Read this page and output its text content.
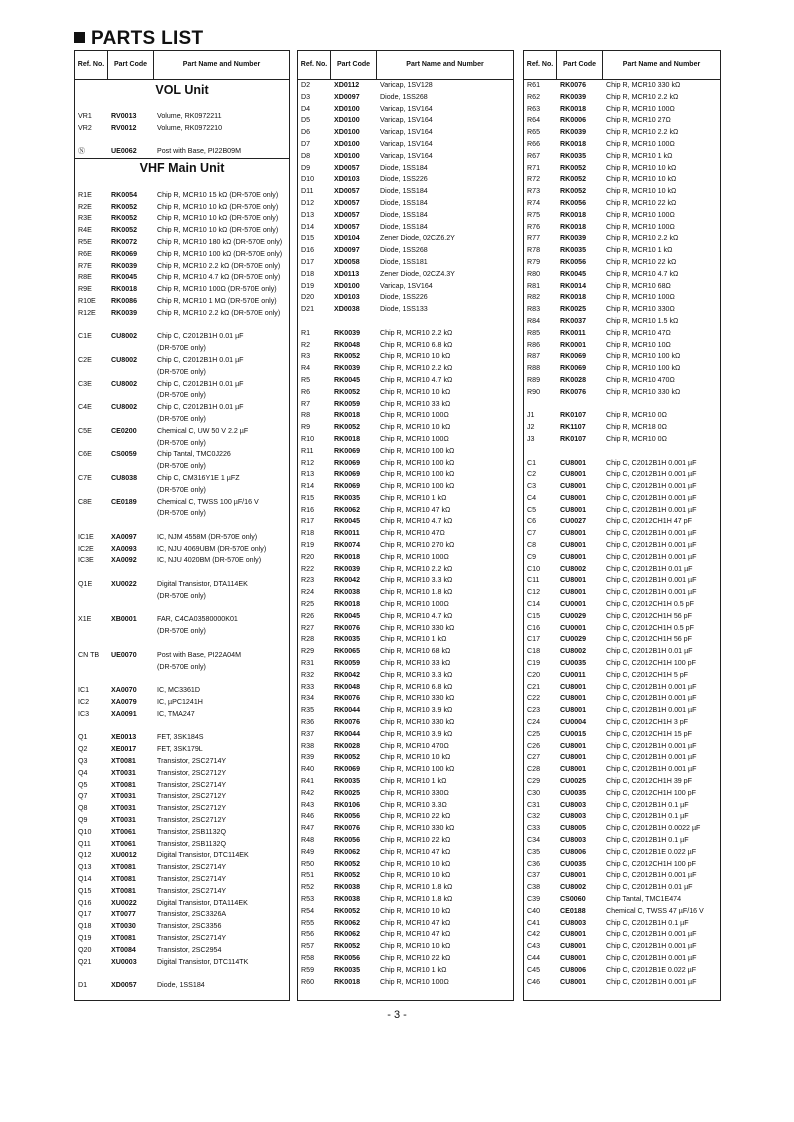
PARTS LIST
Ref. No.	Part Code	Part Name and Number
VOL Unit
VR1	RV0013	Volume, RK0972211
VR2	RV0012	Volume, RK0972210
Ⓝ	UE0062	Post with Base, PI22B09M
VHF Main Unit
R1E	RK0054	Chip R, MCR10 15 kΩ (DR-570E only)
R2E	RK0052	Chip R, MCR10 10 kΩ (DR-570E only)
R3E	RK0052	Chip R, MCR10 10 kΩ (DR-570E only)
R4E	RK0052	Chip R, MCR10 10 kΩ (DR-570E only)
R5E	RK0072	Chip R, MCR10 180 kΩ (DR-570E only)
R6E	RK0069	Chip R, MCR10 100 kΩ (DR-570E only)
R7E	RK0039	Chip R, MCR10 2.2 kΩ (DR-570E only)
R8E	RK0045	Chip R, MCR10 4.7 kΩ (DR-570E only)
R9E	RK0018	Chip R, MCR10 100Ω (DR-570E only)
R10E	RK0086	Chip R, MCR10 1 MΩ (DR-570E only)
R12E	RK0039	Chip R, MCR10 2.2 kΩ (DR-570E only)
C1E	CU8002	Chip C, C2012B1H 0.01 µF
(DR-570E only)
C2E	CU8002	Chip C, C2012B1H 0.01 µF
(DR-570E only)
C3E	CU8002	Chip C, C2012B1H 0.01 µF
(DR-570E only)
C4E	CU8002	Chip C, C2012B1H 0.01 µF
(DR-570E only)
C5E	CE0200	Chemical C, UW 50 V 2.2 µF
(DR-570E only)
C6E	CS0059	Chip Tantal, TMC0J226
(DR-570E only)
C7E	CU8038	Chip C, CM316Y1E 1 µFZ
(DR-570E only)
C8E	CE0189	Chemical C, TWSS 100 µF/16 V
(DR-570E only)
IC1E	XA0097	IC, NJM 4558M (DR-570E only)
IC2E	XA0093	IC, NJU 4069UBM (DR-570E only)
IC3E	XA0092	IC, NJU 4020BM (DR-570E only)
Q1E	XU0022	Digital Transistor, DTA114EK
(DR-570E only)
X1E	XB0001	FAR, C4CA03580000K01
(DR-570E only)
CN TB	UE0070	Post with Base, PI22A04M
(DR-570E only)
IC1	XA0070	IC, MC3361D
IC2	XA0079	IC, µPC1241H
IC3	XA0091	IC, TMA247
Q1	XE0013	FET, 3SK184S
Q2	XE0017	FET, 3SK179L
Q3	XT0081	Transistor, 2SC2714Y
Q4	XT0031	Transistor, 2SC2712Y
Q5	XT0081	Transistor, 2SC2714Y
Q7	XT0031	Transistor, 2SC2712Y
Q8	XT0031	Transistor, 2SC2712Y
Q9	XT0031	Transistor, 2SC2712Y
Q10	XT0061	Transistor, 2SB1132Q
Q11	XT0061	Transistor, 2SB1132Q
Q12	XU0012	Digital Transistor, DTC114EK
Q13	XT0081	Transistor, 2SC2714Y
Q14	XT0081	Transistor, 2SC2714Y
Q15	XT0081	Transistor, 2SC2714Y
Q16	XU0022	Digital Transistor, DTA114EK
Q17	XT0077	Transistor, 2SC3326A
Q18	XT0030	Transistor, 2SC3356
Q19	XT0081	Transistor, 2SC2714Y
Q20	XT0084	Transistor, 2SC2954
Q21	XU0003	Digital Transistor, DTC114TK
D1	XD0057	Diode, 1SS184
Ref. No.	Part Code	Part Name and Number
D2	XD0112	Varicap, 1SV128
D3	XD0097	Diode, 1SS268
D4	XD0100	Varicap, 1SV164
D5	XD0100	Varicap, 1SV164
D6	XD0100	Varicap, 1SV164
D7	XD0100	Varicap, 1SV164
D8	XD0100	Varicap, 1SV164
D9	XD0057	Diode, 1SS184
D10	XD0103	Diode, 1SS226
D11	XD0057	Diode, 1SS184
D12	XD0057	Diode, 1SS184
D13	XD0057	Diode, 1SS184
D14	XD0057	Diode, 1SS184
D15	XD0104	Zener Diode, 02CZ6.2Y
D16	XD0097	Diode, 1SS268
D17	XD0058	Diode, 1SS181
D18	XD0113	Zener Diode, 02CZ4.3Y
D19	XD0100	Varicap, 1SV164
D20	XD0103	Diode, 1SS226
D21	XD0038	Diode, 1SS133
R1	RK0039	Chip R, MCR10 2.2 kΩ
R2	RK0048	Chip R, MCR10 6.8 kΩ
R3	RK0052	Chip R, MCR10 10 kΩ
R4	RK0039	Chip R, MCR10 2.2 kΩ
R5	RK0045	Chip R, MCR10 4.7 kΩ
R6	RK0052	Chip R, MCR10 10 kΩ
R7	RK0059	Chip R, MCR10 33 kΩ
R8	RK0018	Chip R, MCR10 100Ω
R9	RK0052	Chip R, MCR10 10 kΩ
R10	RK0018	Chip R, MCR10 100Ω
R11	RK0069	Chip R, MCR10 100 kΩ
R12	RK0069	Chip R, MCR10 100 kΩ
R13	RK0069	Chip R, MCR10 100 kΩ
R14	RK0069	Chip R, MCR10 100 kΩ
R15	RK0035	Chip R, MCR10 1 kΩ
R16	RK0062	Chip R, MCR10 47 kΩ
R17	RK0045	Chip R, MCR10 4.7 kΩ
R18	RK0011	Chip R, MCR10 47Ω
R19	RK0074	Chip R, MCR10 270 kΩ
R20	RK0018	Chip R, MCR10 100Ω
R22	RK0039	Chip R, MCR10 2.2 kΩ
R23	RK0042	Chip R, MCR10 3.3 kΩ
R24	RK0038	Chip R, MCR10 1.8 kΩ
R25	RK0018	Chip R, MCR10 100Ω
R26	RK0045	Chip R, MCR10 4.7 kΩ
R27	RK0076	Chip R, MCR10 330 kΩ
R28	RK0035	Chip R, MCR10 1 kΩ
R29	RK0065	Chip R, MCR10 68 kΩ
R31	RK0059	Chip R, MCR10 33 kΩ
R32	RK0042	Chip R, MCR10 3.3 kΩ
R33	RK0048	Chip R, MCR10 6.8 kΩ
R34	RK0076	Chip R, MCR10 330 kΩ
R35	RK0044	Chip R, MCR10 3.9 kΩ
R36	RK0076	Chip R, MCR10 330 kΩ
R37	RK0044	Chip R, MCR10 3.9 kΩ
R38	RK0028	Chip R, MCR10 470Ω
R39	RK0052	Chip R, MCR10 10 kΩ
R40	RK0069	Chip R, MCR10 100 kΩ
R41	RK0035	Chip R, MCR10 1 kΩ
R42	RK0025	Chip R, MCR10 330Ω
R43	RK0106	Chip R, MCR10 3.3Ω
R46	RK0056	Chip R, MCR10 22 kΩ
R47	RK0076	Chip R, MCR10 330 kΩ
R48	RK0056	Chip R, MCR10 22 kΩ
R49	RK0062	Chip R, MCR10 47 kΩ
R50	RK0052	Chip R, MCR10 10 kΩ
R51	RK0052	Chip R, MCR10 10 kΩ
R52	RK0038	Chip R, MCR10 1.8 kΩ
R53	RK0038	Chip R, MCR10 1.8 kΩ
R54	RK0052	Chip R, MCR10 10 kΩ
R55	RK0062	Chip R, MCR10 47 kΩ
R56	RK0062	Chip R, MCR10 47 kΩ
R57	RK0052	Chip R, MCR10 10 kΩ
R58	RK0056	Chip R, MCR10 22 kΩ
R59	RK0035	Chip R, MCR10 1 kΩ
R60	RK0018	Chip R, MCR10 100Ω
Ref. No.	Part Code	Part Name and Number
R61	RK0076	Chip R, MCR10 330 kΩ
R62	RK0039	Chip R, MCR10 2.2 kΩ
R63	RK0018	Chip R, MCR10 100Ω
R64	RK0006	Chip R, MCR10 27Ω
R65	RK0039	Chip R, MCR10 2.2 kΩ
R66	RK0018	Chip R, MCR10 100Ω
R67	RK0035	Chip R, MCR10 1 kΩ
R71	RK0052	Chip R, MCR10 10 kΩ
R72	RK0052	Chip R, MCR10 10 kΩ
R73	RK0052	Chip R, MCR10 10 kΩ
R74	RK0056	Chip R, MCR10 22 kΩ
R75	RK0018	Chip R, MCR10 100Ω
R76	RK0018	Chip R, MCR10 100Ω
R77	RK0039	Chip R, MCR10 2.2 kΩ
R78	RK0035	Chip R, MCR10 1 kΩ
R79	RK0056	Chip R, MCR10 22 kΩ
R80	RK0045	Chip R, MCR10 4.7 kΩ
R81	RK0014	Chip R, MCR10 68Ω
R82	RK0018	Chip R, MCR10 100Ω
R83	RK0025	Chip R, MCR10 330Ω
R84	RK0037	Chip R, MCR10 1.5 kΩ
R85	RK0011	Chip R, MCR10 47Ω
R86	RK0001	Chip R, MCR10 10Ω
R87	RK0069	Chip R, MCR10 100 kΩ
R88	RK0069	Chip R, MCR10 100 kΩ
R89	RK0028	Chip R, MCR10 470Ω
R90	RK0076	Chip R, MCR10 330 kΩ
J1	RK0107	Chip R, MCR10 0Ω
J2	RK1107	Chip R, MCR18 0Ω
J3	RK0107	Chip R, MCR10 0Ω
C1	CU8001	Chip C, C2012B1H 0.001 µF
C2	CU8001	Chip C, C2012B1H 0.001 µF
C3	CU8001	Chip C, C2012B1H 0.001 µF
C4	CU8001	Chip C, C2012B1H 0.001 µF
C5	CU8001	Chip C, C2012B1H 0.001 µF
C6	CU0027	Chip C, C2012CH1H 47 pF
C7	CU8001	Chip C, C2012B1H 0.001 µF
C8	CU8001	Chip C, C2012B1H 0.001 µF
C9	CU8001	Chip C, C2012B1H 0.001 µF
C10	CU8002	Chip C, C2012B1H 0.01 µF
C11	CU8001	Chip C, C2012B1H 0.001 µF
C12	CU8001	Chip C, C2012B1H 0.001 µF
C14	CU0001	Chip C, C2012CH1H 0.5 pF
C15	CU0029	Chip C, C2012CH1H 56 pF
C16	CU0001	Chip C, C2012CH1H 0.5 pF
C17	CU0029	Chip C, C2012CH1H 56 pF
C18	CU8002	Chip C, C2012B1H 0.01 µF
C19	CU0035	Chip C, C2012CH1H 100 pF
C20	CU0011	Chip C, C2012CH1H 5 pF
C21	CU8001	Chip C, C2012B1H 0.001 µF
C22	CU8001	Chip C, C2012B1H 0.001 µF
C23	CU8001	Chip C, C2012B1H 0.001 µF
C24	CU0004	Chip C, C2012CH1H 3 pF
C25	CU0015	Chip C, C2012CH1H 15 pF
C26	CU8001	Chip C, C2012B1H 0.001 µF
C27	CU8001	Chip C, C2012B1H 0.001 µF
C28	CU8001	Chip C, C2012B1H 0.001 µF
C29	CU0025	Chip C, C2012CH1H 39 pF
C30	CU0035	Chip C, C2012CH1H 100 pF
C31	CU8003	Chip C, C2012B1H 0.1 µF
C32	CU8003	Chip C, C2012B1H 0.1 µF
C33	CU8005	Chip C, C2012B1H 0.0022 µF
C34	CU8003	Chip C, C2012B1H 0.1 µF
C35	CU8006	Chip C, C2012B1E 0.022 µF
C36	CU0035	Chip C, C2012CH1H 100 pF
C37	CU8001	Chip C, C2012B1H 0.001 µF
C38	CU8002	Chip C, C2012B1H 0.01 µF
C39	CS0060	Chip Tantal, TMC1E474
C40	CE0188	Chemical C, TWSS 47 µF/16 V
C41	CU8003	Chip C, C2012B1H 0.1 µF
C42	CU8001	Chip C, C2012B1H 0.001 µF
C43	CU8001	Chip C, C2012B1H 0.001 µF
C44	CU8001	Chip C, C2012B1H 0.001 µF
C45	CU8006	Chip C, C2012B1E 0.022 µF
C46	CU8001	Chip C, C2012B1H 0.001 µF
- 3 -
